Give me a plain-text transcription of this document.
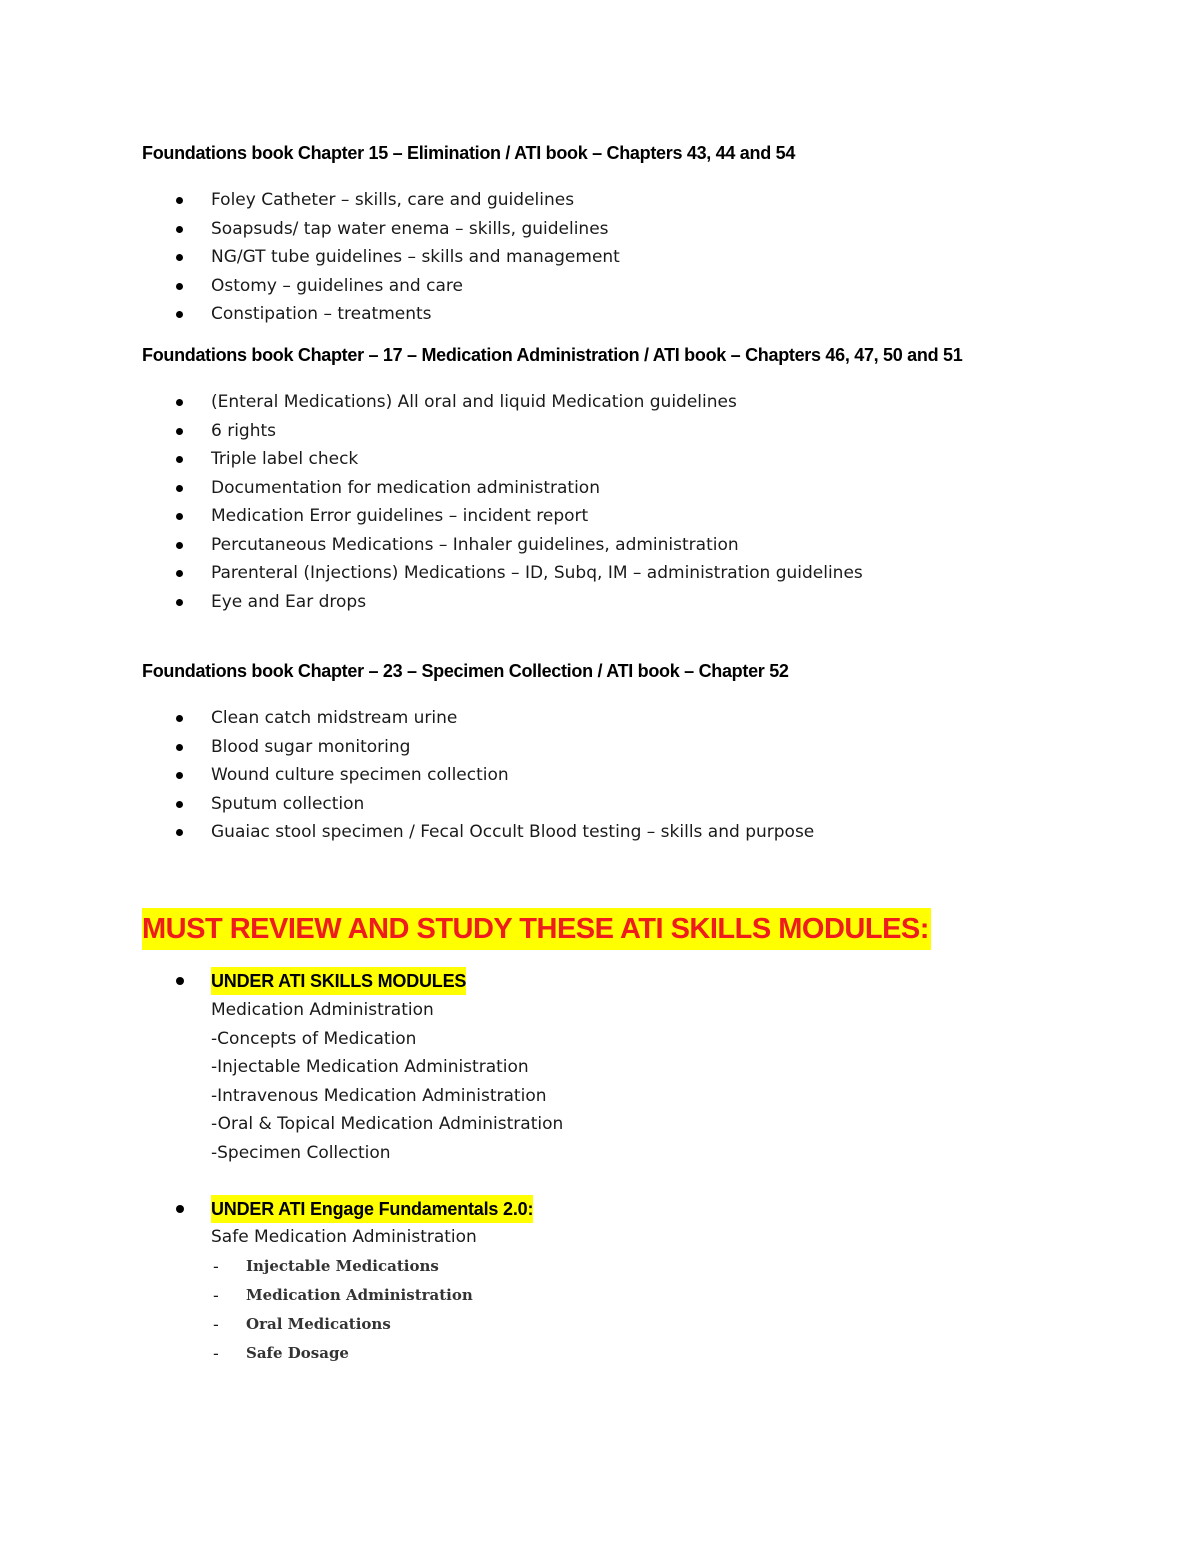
Foundations book Chapter 15 – Elimination / ATI book – Chapters 43, 44 and 54
Foley Catheter – skills, care and guidelines
Soapsuds/ tap water enema – skills, guidelines
NG/GT tube guidelines – skills and management
Ostomy – guidelines and care
Constipation – treatments
Foundations book Chapter – 17 – Medication Administration / ATI book – Chapters 46, 47, 50 and 51
(Enteral Medications) All oral and liquid Medication guidelines
6 rights
Triple label check
Documentation for medication administration
Medication Error guidelines – incident report
Percutaneous Medications – Inhaler guidelines, administration
Parenteral (Injections) Medications – ID, Subq, IM – administration guidelines
Eye and Ear drops
Foundations book Chapter – 23 – Specimen Collection / ATI book – Chapter 52
Clean catch midstream urine
Blood sugar monitoring
Wound culture specimen collection
Sputum collection
Guaiac stool specimen / Fecal Occult Blood testing – skills and purpose
MUST REVIEW AND STUDY THESE ATI SKILLS MODULES:
UNDER ATI SKILLS MODULES
Medication Administration
-Concepts of Medication
-Injectable Medication Administration
-Intravenous Medication Administration
-Oral & Topical Medication Administration
-Specimen Collection
UNDER ATI Engage Fundamentals 2.0:
Safe Medication Administration
- Injectable Medications
- Medication Administration
- Oral Medications
- Safe Dosage
